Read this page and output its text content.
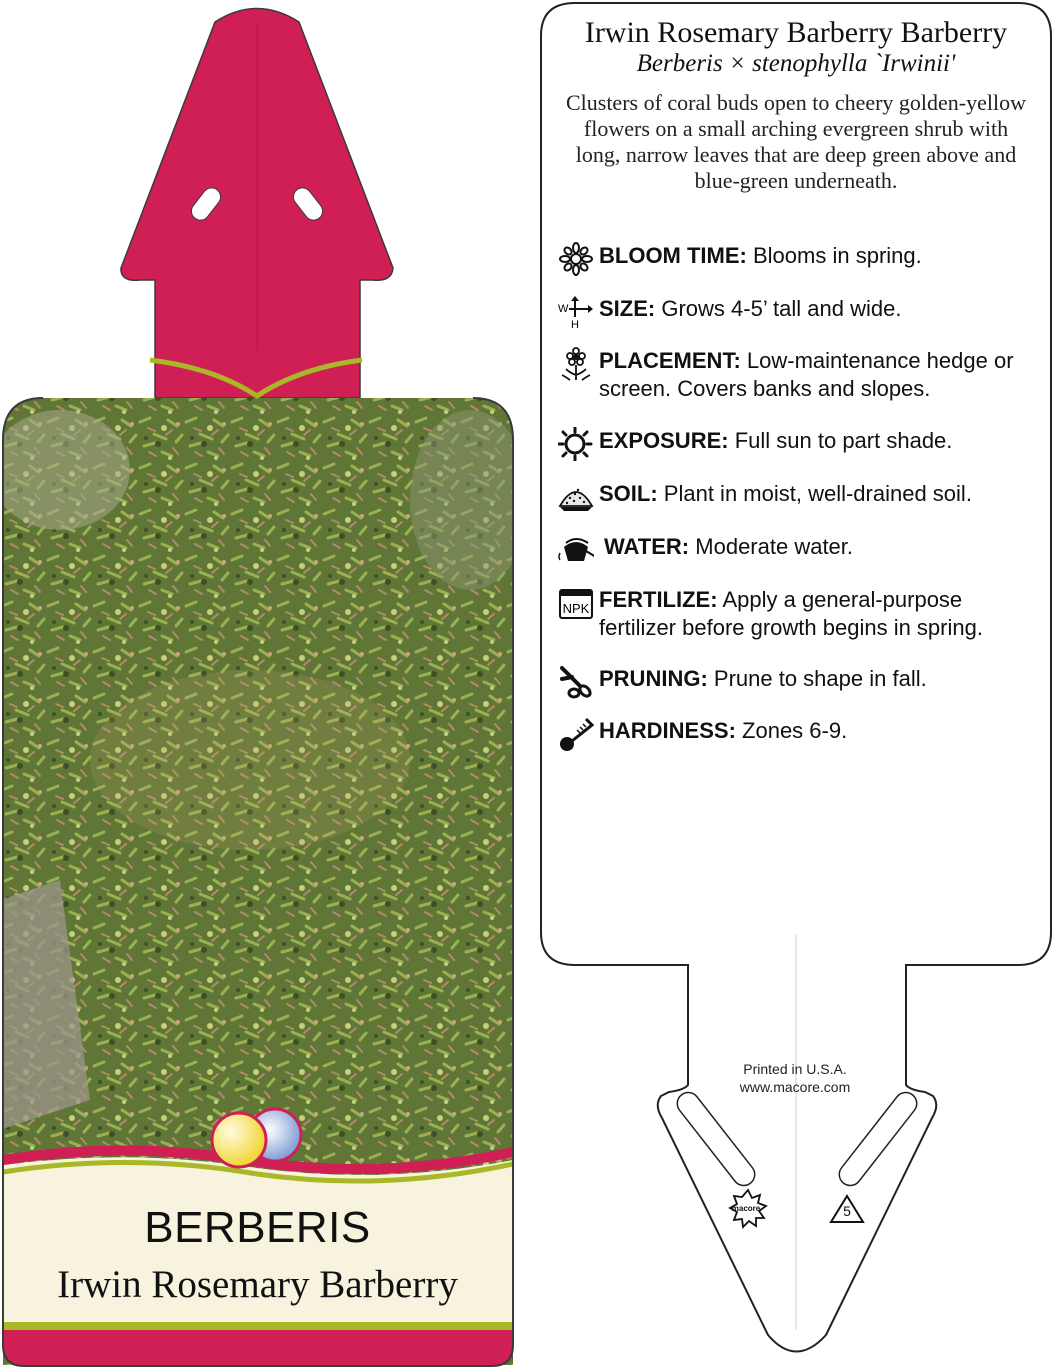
BERBERIS
Irwin Rosemary Barberry
Irwin Rosemary Barberry Barberry
Berberis × stenophylla `Irwinii'
Clusters of coral buds open to cheery golden-yellow flowers on a small arching evergreen shrub with long, narrow leaves that are deep green above and blue-green underneath.
BLOOM TIME: Blooms in spring.
W
H
SIZE: Grows 4-5’ tall and wide.
PLACEMENT: Low-maintenance hedge or screen. Covers banks and slopes.
EXPOSURE: Full sun to part shade.
SOIL: Plant in moist, well-drained soil.
WATER: Moderate water.
NPK FERTILIZE: Apply a general-purpose fertilizer before growth begins in spring.
PRUNING: Prune to shape in fall.
HARDINESS: Zones 6-9.
Printed in U.S.A.
www.macore.com
macore	5
